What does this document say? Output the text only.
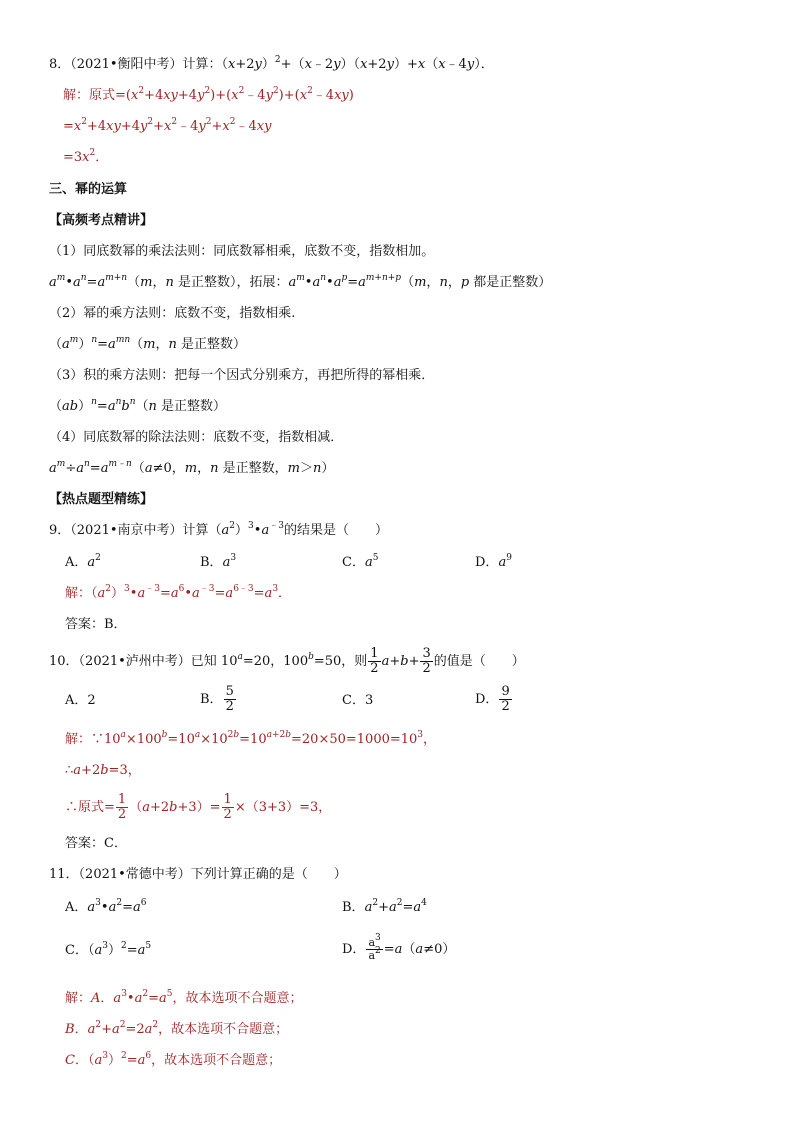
8．（2021•衡阳中考）计算：$(x+2y)^2+(x﹣2y)(x+2y)+x(x﹣4y)$．
解：原式$=(x^2+4xy+4y^2)+(x^2﹣4y^2)+(x^2﹣4xy)$
$=x^2+4xy+4y^2+x^2﹣4y^2+x^2﹣4xy$
$=3x^2$．
三、幂的运算
【高频考点精讲】
（1）同底数幂的乘法法则：同底数幂相乘，底数不变，指数相加。
$a^m•a^n=a^{m+n}(m$，n 是正整数），拓展：$a^m•a^n•a^p=a^{m+n+p}(m$，n，p 都是正整数）
（2）幂的乘方法则：底数不变，指数相乘.
$(a^m)^n=a^{mn}(m$，n 是正整数）
（3）积的乘方法则：把每一个因式分别乘方，再把所得的幂相乘．
$(ab)^n=a^nb^n(n$ 是正整数）
（4）同底数幂的除法法则：底数不变，指数相减．
$a^m\div a^n=a^{m﹣n}(a\ne 0$，m，n 是正整数，m＞n）
【热点题型精练】
9．（2021•南京中考）计算$(a^2)^3•a^{﹣3}$的结果是（　　）
A．$a^2$	B．$a^3$	C．$a^5$	D．$a^9$
解：$(a^2)^3•a^{﹣3}=a^6•a^{﹣3}=a^{6﹣3}=a^3$．
答案：B．
10．（2021•泸州中考）已知 $10^a=20$，$100^b=50$，则 $\frac{1}{2} a+b+ \frac{3}{2}$ 的值是（　　）
A．2	B． $\frac{5}{2}$	C．3	D． $\frac{9}{2}$
解：$\because 10^a\times 100^b=10^a\times 10^{2b}=10^{a+2b}=20\times 50=1000=10^3$，
∴a+2b=3，
∴原式= $\frac{1}{2} (a+2b+3)= \frac{1}{2} \times(3+3)=3$，
答案：C．
11．（2021•常德中考）下列计算正确的是（　　）
A．$a^3•a^2=a^6$	B．$a^2+a^2=a^4$
C．$(a^3)^2=a^5$	D． $\frac{a^3}{a^2} =a(a\ne 0)$
解：A．$a^3•a^2=a^5$，故本选项不合题意；
B．$a^2+a^2=2a^2$，故本选项不合题意；
C．$(a^3)^2=a^6$，故本选项不合题意；
